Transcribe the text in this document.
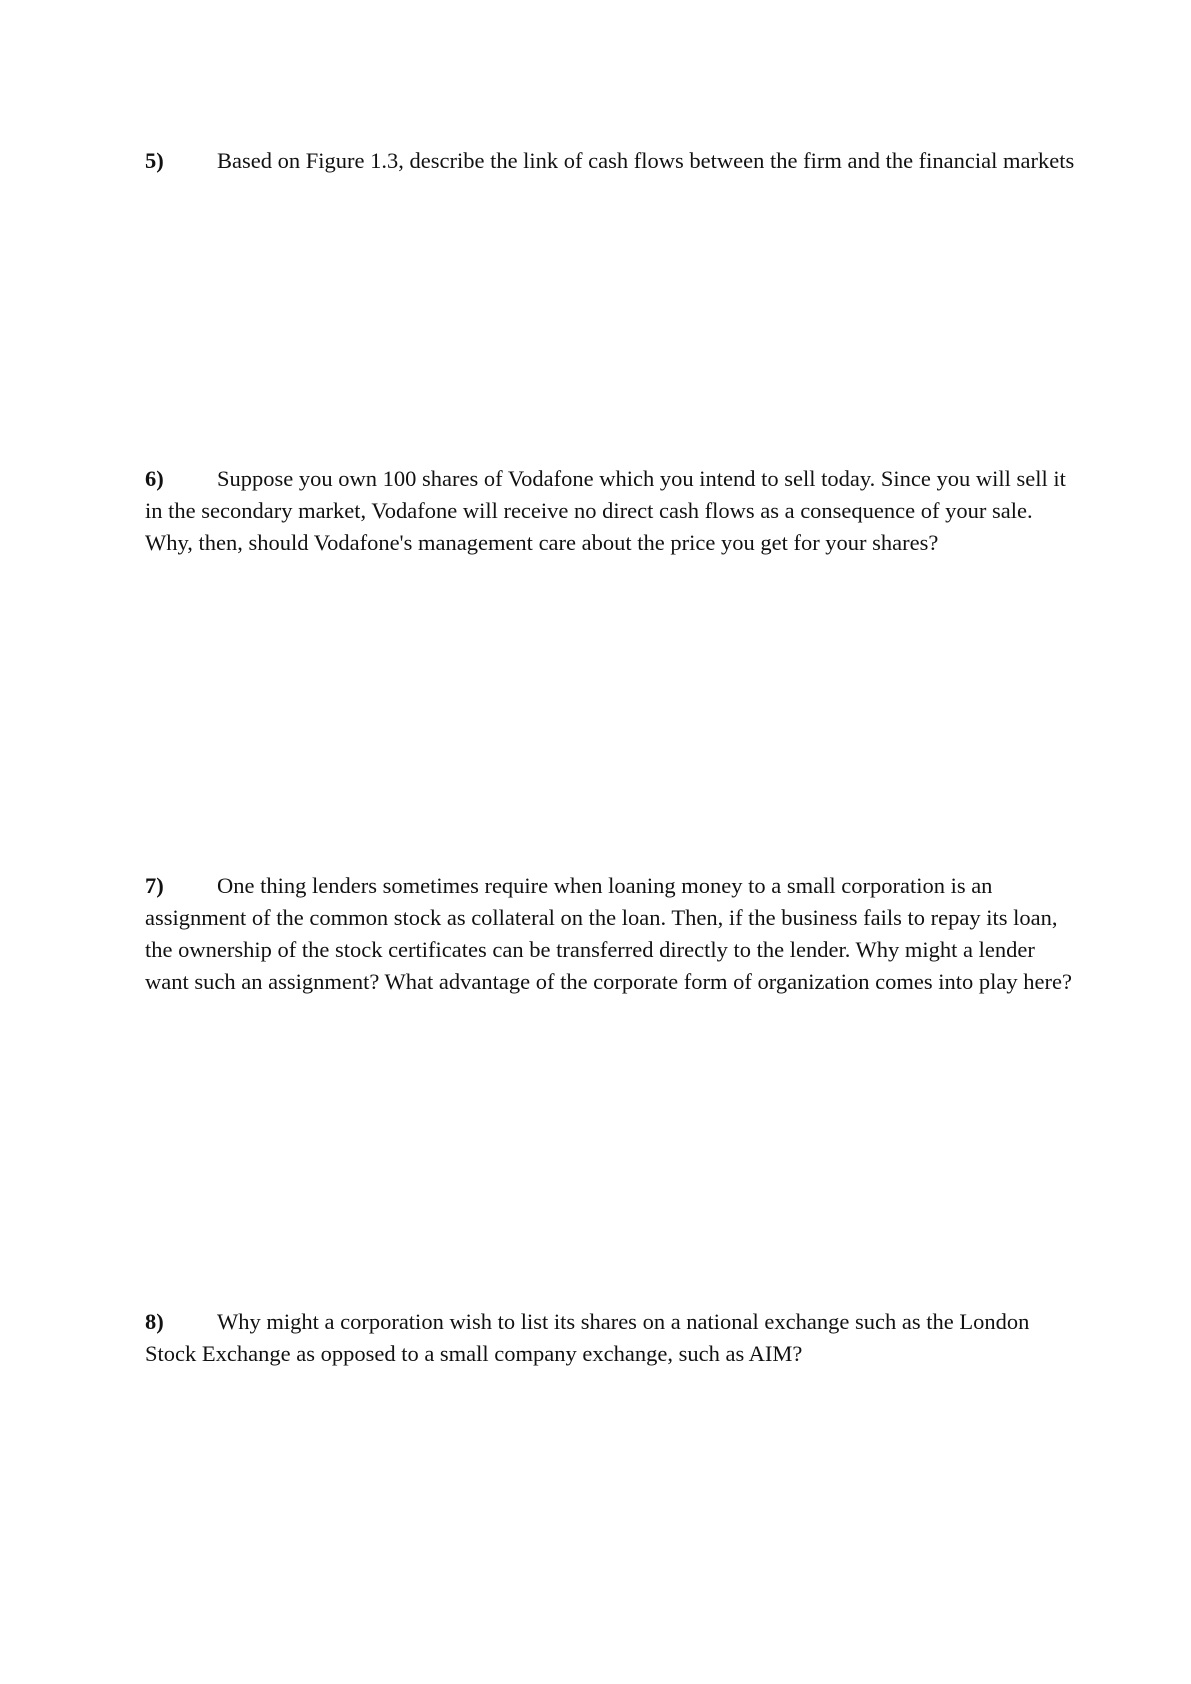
5) Based on Figure 1.3, describe the link of cash flows between the firm and the financial markets
6) Suppose you own 100 shares of Vodafone which you intend to sell today. Since you will sell it in the secondary market, Vodafone will receive no direct cash flows as a consequence of your sale. Why, then, should Vodafone's management care about the price you get for your shares?
7) One thing lenders sometimes require when loaning money to a small corporation is an assignment of the common stock as collateral on the loan. Then, if the business fails to repay its loan, the ownership of the stock certificates can be transferred directly to the lender. Why might a lender want such an assignment? What advantage of the corporate form of organization comes into play here?
8) Why might a corporation wish to list its shares on a national exchange such as the London Stock Exchange as opposed to a small company exchange, such as AIM?
